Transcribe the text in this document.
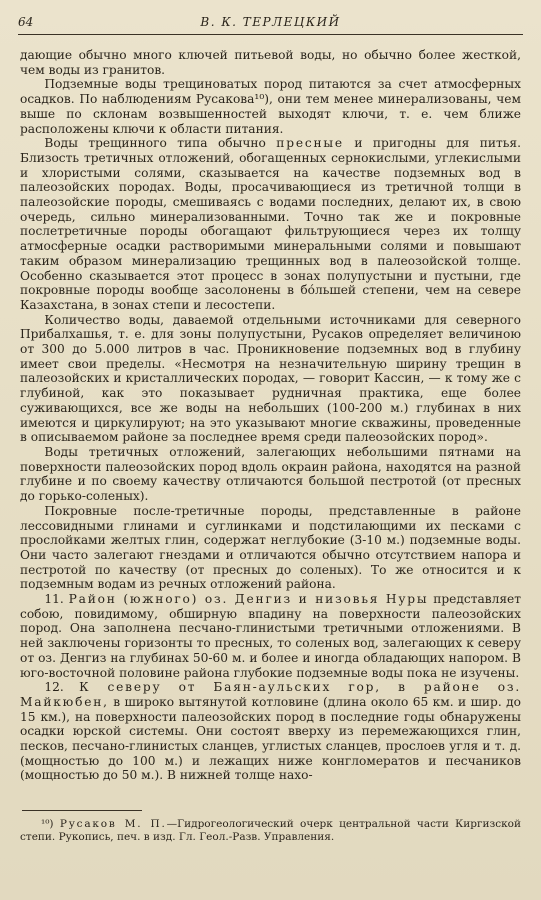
64	В. К. ТЕРЛЕЦКИЙ

дающие обычно много ключей питьевой воды, но обычно более жесткой, чем воды из гранитов.

Подземные воды трещиноватых пород питаются за счет атмосферных осадков. По наблюдениям Русакова¹⁰), они тем менее минерализованы, чем выше по склонам возвышенностей выходят ключи, т. е. чем ближе расположены ключи к области питания.

Воды трещинного типа обычно пресные и пригодны для питья. Близость третичных отложений, обогащенных сернокислыми, углекислыми и хлористыми солями, сказывается на качестве подземных вод в палеозойских породах. Воды, просачивающиеся из третичной толщи в палеозойские породы, смешиваясь с водами последних, делают их, в свою очередь, сильно минерализованными. Точно так же и покровные послетретичные породы обогащают фильтрующиеся через их толщу атмосферные осадки растворимыми минеральными солями и повышают таким образом минерализацию трещинных вод в палеозойской толще. Особенно сказывается этот процесс в зонах полупустыни и пустыни, где покровные породы вообще засолонены в бо́льшей степени, чем на севере Казахстана, в зонах степи и лесостепи.

Количество воды, даваемой отдельными источниками для северного Прибалхашья, т. е. для зоны полупустыни, Русаков определяет величиною от 300 до 5.000 литров в час. Проникновение подземных вод в глубину имеет свои пределы. «Несмотря на незначительную ширину трещин в палеозойских и кристаллических породах, — говорит Кассин, — к тому же с глубиной, как это показывает рудничная практика, еще более суживающихся, все же воды на небольших (100-200 м.) глубинах в них имеются и циркулируют; на это указывают многие скважины, проведенные в описываемом районе за последнее время среди палеозойских пород».

Воды третичных отложений, залегающих небольшими пятнами на поверхности палеозойских пород вдоль окраин района, находятся на разной глубине и по своему качеству отличаются большой пестротой (от пресных до горько-соленых).

Покровные после-третичные породы, представленные в районе лессовидными глинами и суглинками и подстилающими их песками с прослойками желтых глин, содержат неглубокие (3-10 м.) подземные воды. Они часто залегают гнездами и отличаются обычно отсутствием напора и пестротой по качеству (от пресных до соленых). То же относится и к подземным водам из речных отложений района.

11. Район (южного) оз. Денгиз и низовья Нуры представляет собою, повидимому, обширную впадину на поверхности палеозойских пород. Она заполнена песчано-глинистыми третичными отложениями. В ней заключены горизонты то пресных, то соленых вод, залегающих к северу от оз. Денгиз на глубинах 50-60 м. и более и иногда обладающих напором. В юго-восточной половине района глубокие подземные воды пока не изучены.

12. К северу от Баян-аульских гор, в районе оз. Майкюбен, в широко вытянутой котловине (длина около 65 км. и шир. до 15 км.), на поверхности палеозойских пород в последние годы обнаружены осадки юрской системы. Они состоят вверху из перемежающихся глин, песков, песчано-глинистых сланцев, углистых сланцев, прослоев угля и т. д. (мощностью до 100 м.) и лежащих ниже конгломератов и песчаников (мощностью до 50 м.). В нижней толще нахо-

¹⁰) Русаков М. П.—Гидрогеологический очерк центральной части Киргизской степи. Рукопись, печ. в изд. Гл. Геол.-Разв. Управления.
